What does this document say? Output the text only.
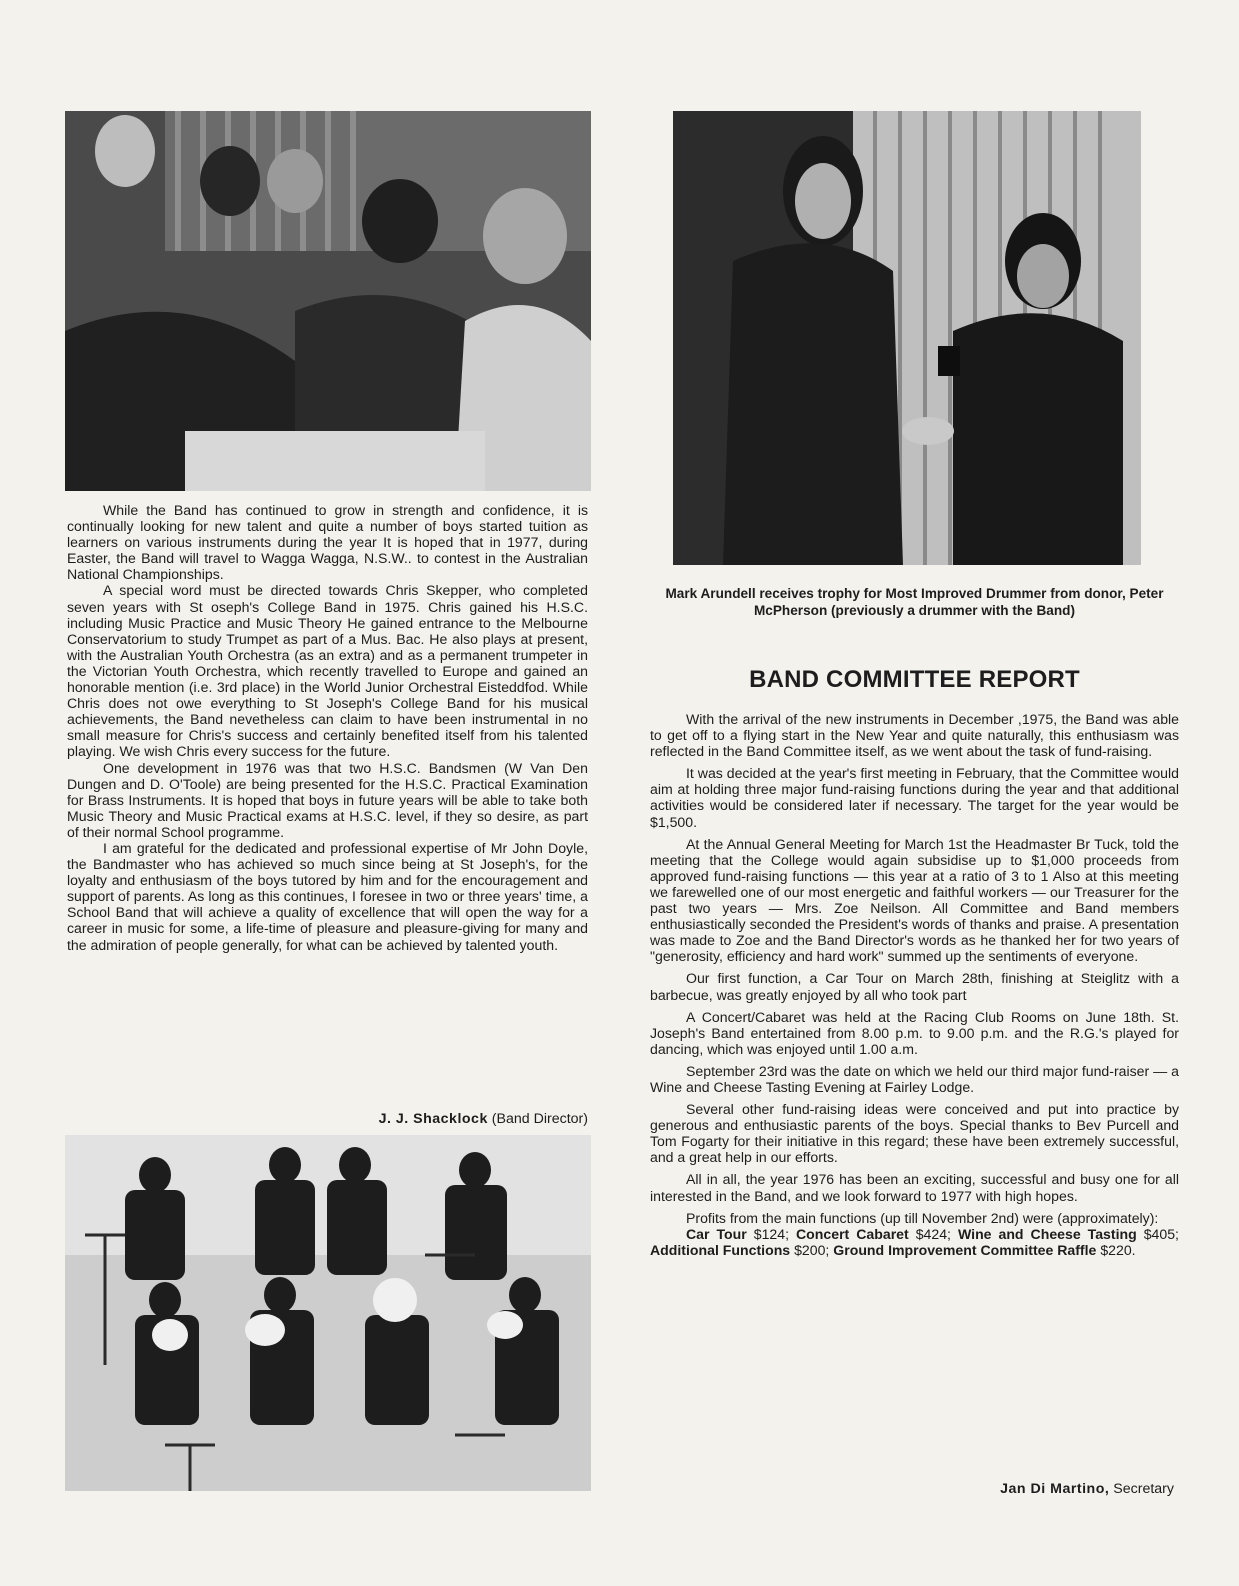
While the Band has continued to grow in strength and confidence, it is continually looking for new talent and quite a number of boys started tuition as learners on various instruments during the year It is hoped that in 1977, during Easter, the Band will travel to Wagga Wagga, N.S.W.. to contest in the Australian National Championships.

A special word must be directed towards Chris Skepper, who completed seven years with St oseph's College Band in 1975. Chris gained his H.S.C. including Music Practice and Music Theory He gained entrance to the Melbourne Conservatorium to study Trumpet as part of a Mus. Bac. He also plays at present, with the Australian Youth Orchestra (as an extra) and as a permanent trumpeter in the Victorian Youth Orchestra, which recently travelled to Europe and gained an honorable mention (i.e. 3rd place) in the World Junior Orchestral Eisteddfod. While Chris does not owe everything to St Joseph's College Band for his musical achievements, the Band nevetheless can claim to have been instrumental in no small measure for Chris's success and certainly benefited itself from his talented playing. We wish Chris every success for the future.

One development in 1976 was that two H.S.C. Bandsmen (W Van Den Dungen and D. O'Toole) are being presented for the H.S.C. Practical Examination for Brass Instruments. It is hoped that boys in future years will be able to take both Music Theory and Music Practical exams at H.S.C. level, if they so desire, as part of their normal School programme.

I am grateful for the dedicated and professional expertise of Mr John Doyle, the Bandmaster who has achieved so much since being at St Joseph's, for the loyalty and enthusiasm of the boys tutored by him and for the encouragement and support of parents. As long as this continues, I foresee in two or three years' time, a School Band that will achieve a quality of excellence that will open the way for a career in music for some, a life-time of pleasure and pleasure-giving for many and the admiration of people generally, for what can be achieved by talented youth.

J. J. Shacklock (Band Director)
Mark Arundell receives trophy for Most Improved Drummer from donor, Peter McPherson (previously a drummer with the Band)
BAND COMMITTEE REPORT

With the arrival of the new instruments in December ,1975, the Band was able to get off to a flying start in the New Year and quite naturally, this enthusiasm was reflected in the Band Committee itself, as we went about the task of fund-raising.

It was decided at the year's first meeting in February, that the Committee would aim at holding three major fund-raising functions during the year and that additional activities would be considered later if necessary. The target for the year would be $1,500.

At the Annual General Meeting for March 1st the Headmaster Br Tuck, told the meeting that the College would again subsidise up to $1,000 proceeds from approved fund-raising functions — this year at a ratio of 3 to 1 Also at this meeting we farewelled one of our most energetic and faithful workers — our Treasurer for the past two years — Mrs. Zoe Neilson. All Committee and Band members enthusiastically seconded the President's words of thanks and praise. A presentation was made to Zoe and the Band Director's words as he thanked her for two years of "generosity, efficiency and hard work" summed up the sentiments of everyone.

Our first function, a Car Tour on March 28th, finishing at Steiglitz with a barbecue, was greatly enjoyed by all who took part

A Concert/Cabaret was held at the Racing Club Rooms on June 18th. St. Joseph's Band entertained from 8.00 p.m. to 9.00 p.m. and the R.G.'s played for dancing, which was enjoyed until 1.00 a.m.

September 23rd was the date on which we held our third major fund-raiser — a Wine and Cheese Tasting Evening at Fairley Lodge.

Several other fund-raising ideas were conceived and put into practice by generous and enthusiastic parents of the boys. Special thanks to Bev Purcell and Tom Fogarty for their initiative in this regard; these have been extremely successful, and a great help in our efforts.

All in all, the year 1976 has been an exciting, successful and busy one for all interested in the Band, and we look forward to 1977 with high hopes.

Profits from the main functions (up till November 2nd) were (approximately):

Car Tour $124; Concert Cabaret $424; Wine and Cheese Tasting $405; Additional Functions $200; Ground Improvement Committee Raffle $220.
Jan Di Martino, Secretary
